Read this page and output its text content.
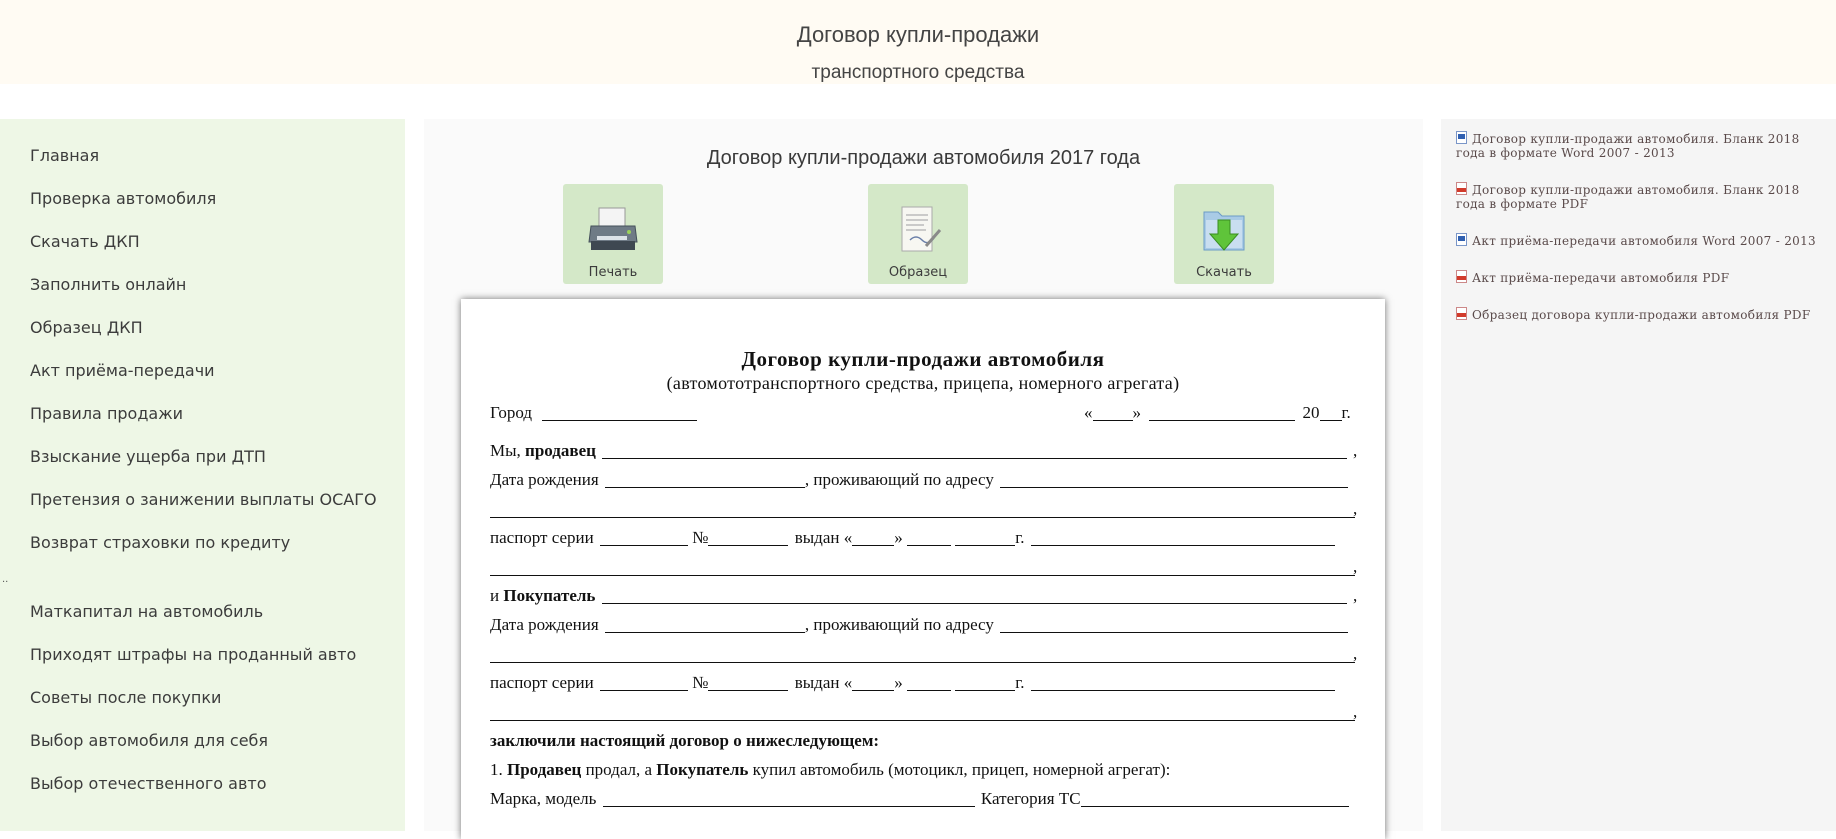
Договор купли-продажи
транспортного средства
Главная
Проверка автомобиля
Скачать ДКП
Заполнить онлайн
Образец ДКП
Акт приёма-передачи
Правила продажи
Взыскание ущерба при ДТП
Претензия о занижении выплаты ОСАГО
Возврат страховки по кредиту
..
Маткапитал на автомобиль
Приходят штрафы на проданный авто
Советы после покупки
Выбор автомобиля для себя
Выбор отечественного авто
Договор купли-продажи автомобиля 2017 года
Печать	Образец	Скачать
Договор купли-продажи автомобиля
(автомототранспортного средства, прицепа, номерного агрегата)
Город	« »	20 г.
Мы, продавец	,
Дата рождения	, проживающий по адресу
,
паспорт серии	№	выдан « »	г.
,
и Покупатель	,
Дата рождения	, проживающий по адресу
,
паспорт серии	№	выдан « »	г.
,
заключили настоящий договор о нижеследующем:
1. Продавец продал, а Покупатель купил автомобиль (мотоцикл, прицеп, номерной агрегат):
Марка, модель	Категория ТС
Договор купли-продажи автомобиля. Бланк 2018 года в формате Word 2007 - 2013
Договор купли-продажи автомобиля. Бланк 2018 года в формате PDF
Акт приёма-передачи автомобиля Word 2007 - 2013
Акт приёма-передачи автомобиля PDF
Образец договора купли-продажи автомобиля PDF
